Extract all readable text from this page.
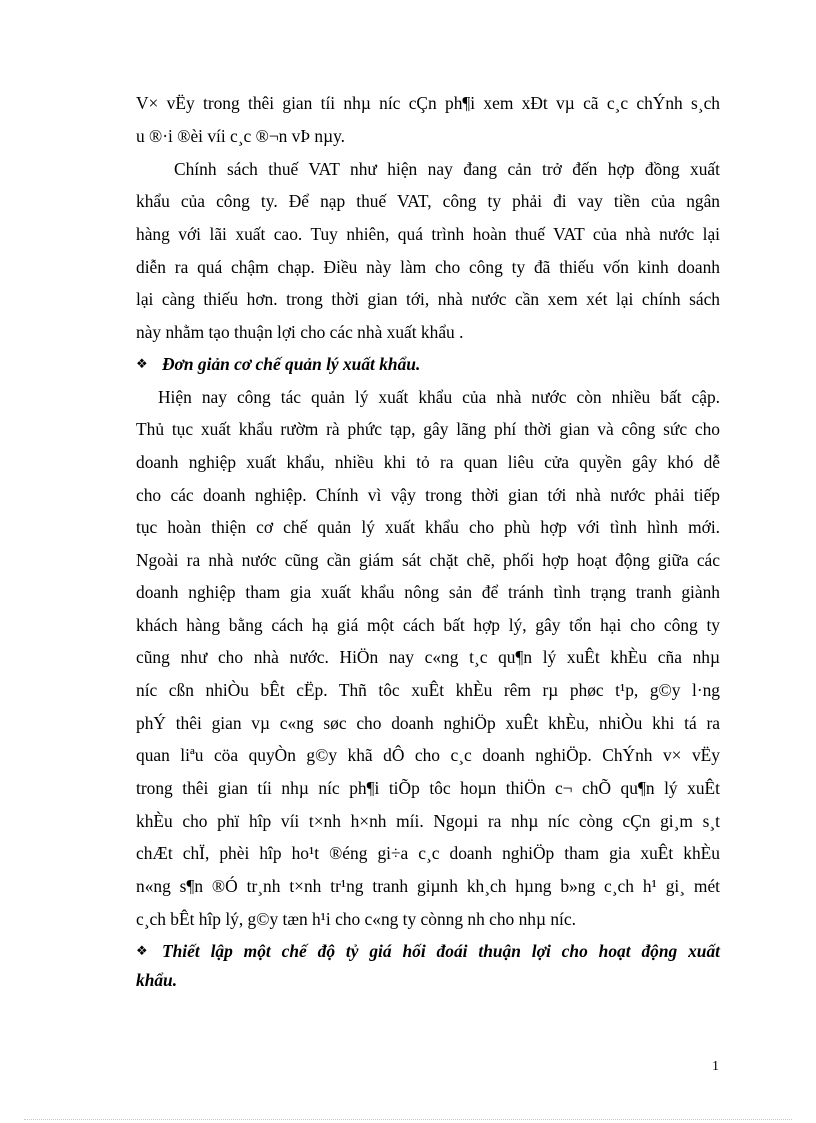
V× vËy trong thêi gian tíi nhµ níc cÇn ph¶i xem xÐt vµ cã c¸c chÝnh s¸ch
u ®·i ®èi víi c¸c ®¬n vÞ nµy.
Chính sách thuế VAT như hiện nay đang cản trở đến hợp đồng xuất
khẩu của công ty. Để nạp thuế VAT, công ty phải đi vay tiền của ngân
hàng với lãi xuất cao. Tuy nhiên, quá trình hoàn thuế VAT của nhà nước lại
diễn ra quá chậm chạp. Điều này làm cho công ty đã thiếu vốn kinh doanh
lại càng thiếu hơn. trong thời gian tới, nhà nước cần xem xét lại chính sách
này nhằm tạo thuận lợi cho các nhà xuất khẩu .
❖ Đơn giản cơ chế quản lý xuất khẩu.
Hiện nay công tác quản lý xuất khẩu của nhà nước còn nhiều bất cập.
Thủ tục xuất khẩu rườm rà phức tạp, gây lãng phí thời gian và công sức cho
doanh nghiệp xuất khẩu, nhiều khi tỏ ra quan liêu cửa quyền gây khó dễ
cho các doanh nghiệp. Chính vì vậy trong thời gian tới nhà nước phải tiếp
tục hoàn thiện cơ chế quản lý xuất khẩu cho phù hợp với tình hình mới.
Ngoài ra nhà nước cũng cần giám sát chặt chẽ, phối hợp hoạt động giữa các
doanh nghiệp tham gia xuất khẩu nông sản để tránh tình trạng tranh giành
khách hàng bằng cách hạ giá một cách bất hợp lý, gây tổn hại cho công ty
cũng như cho nhà nước. HiÖn nay c«ng t¸c qu¶n lý xuÊt khÈu cña nhµ
níc cßn nhiÒu bÊt cËp. Thñ tôc xuÊt khÈu rêm rµ phøc t¹p, g©y l·ng
phÝ thêi gian vµ c«ng søc cho doanh nghiÖp xuÊt khÈu, nhiÒu khi tá ra
quan liªu cöa quyÒn g©y khã dÔ cho c¸c doanh nghiÖp. ChÝnh v× vËy
trong thêi gian tíi nhµ níc ph¶i tiÕp tôc hoµn thiÖn c¬ chÕ qu¶n lý xuÊt
khÈu cho phï hîp víi t×nh h×nh míi. Ngoµi ra nhµ níc còng cÇn gi¸m s¸t
chÆt chÏ, phèi hîp ho¹t ®éng gi÷a c¸c doanh nghiÖp tham gia xuÊt khÈu
n«ng s¶n ®Ó tr¸nh t×nh tr¹ng tranh giµnh kh¸ch hµng b»ng c¸ch h¹ gi¸ mét
c¸ch bÊt hîp lý, g©y tæn h¹i cho c«ng ty cònng nh cho nhµ níc.
❖ Thiết lập một chế độ tỷ giá hối đoái thuận lợi cho hoạt động xuất
khẩu.
1
